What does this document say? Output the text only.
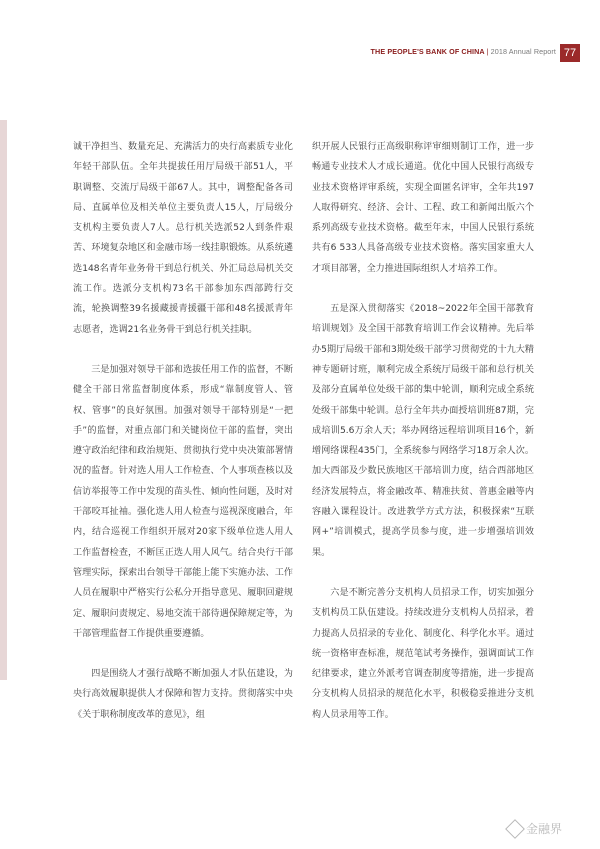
THE PEOPLE'S BANK OF CHINA | 2018 Annual Report 77

诚干净担当、数量充足、充满活力的央行高素质专业化年轻干部队伍。全年共提拔任用厅局级干部51人，平职调整、交流厅局级干部67人。其中，调整配备各司局、直属单位及相关单位主要负责人15人，厅局级分支机构主要负责人7人。总行机关选派52人到条件艰苦、环境复杂地区和金融市场一线挂职锻炼。从系统遴选148名青年业务骨干到总行机关、外汇局总局机关交流工作。选派分支机构73名干部参加东西部跨行交流，轮换调整39名援藏援青援疆干部和48名援派青年志愿者，选调21名业务骨干到总行机关挂职。

三是加强对领导干部和选拔任用工作的监督，不断健全干部日常监督制度体系，形成“靠制度管人、管权、管事”的良好氛围。加强对领导干部特别是“一把手”的监督，对重点部门和关键岗位干部的监督，突出遵守政治纪律和政治规矩、贯彻执行党中央决策部署情况的监督。针对选人用人工作检查、个人事项查核以及信访举报等工作中发现的苗头性、倾向性问题，及时对干部咬耳扯袖。强化选人用人检查与巡视深度融合，年内，结合巡视工作组织开展对20家下级单位选人用人工作监督检查，不断匡正选人用人风气。结合央行干部管理实际，探索出台领导干部能上能下实施办法、工作人员在履职中严格实行公私分开指导意见、履职回避规定、履职问责规定、易地交流干部待遇保障规定等，为干部管理监督工作提供重要遵循。

四是围绕人才强行战略不断加强人才队伍建设，为央行高效履职提供人才保障和智力支持。贯彻落实中央《关于职称制度改革的意见》，组

织开展人民银行正高级职称评审细则制订工作，进一步畅通专业技术人才成长通道。优化中国人民银行高级专业技术资格评审系统，实现全面匿名评审，全年共197人取得研究、经济、会计、工程、政工和新闻出版六个系列高级专业技术资格。截至年末，中国人民银行系统共有6 533人具备高级专业技术资格。落实国家重大人才项目部署，全力推进国际组织人才培养工作。

五是深入贯彻落实《2018~2022年全国干部教育培训规划》及全国干部教育培训工作会议精神。先后举办5期厅局级干部和3期处级干部学习贯彻党的十九大精神专题研讨班，顺利完成全系统厅局级干部和总行机关及部分直属单位处级干部的集中轮训，顺利完成全系统处级干部集中轮训。总行全年共办面授培训班87期，完成培训5.6万余人天；举办网络远程培训项目16个，新增网络课程435门，全系统参与网络学习18万余人次。加大西部及少数民族地区干部培训力度，结合西部地区经济发展特点，将金融改革、精准扶贫、普惠金融等内容融入课程设计。改进教学方式方法，积极探索“互联网+”培训模式，提高学员参与度，进一步增强培训效果。

六是不断完善分支机构人员招录工作，切实加强分支机构员工队伍建设。持续改进分支机构人员招录，着力提高人员招录的专业化、制度化、科学化水平。通过统一资格审查标准，规范笔试考务操作，强调面试工作纪律要求，建立外派考官调查制度等措施，进一步提高分支机构人员招录的规范化水平，积极稳妥推进分支机构人员录用等工作。

金融界
